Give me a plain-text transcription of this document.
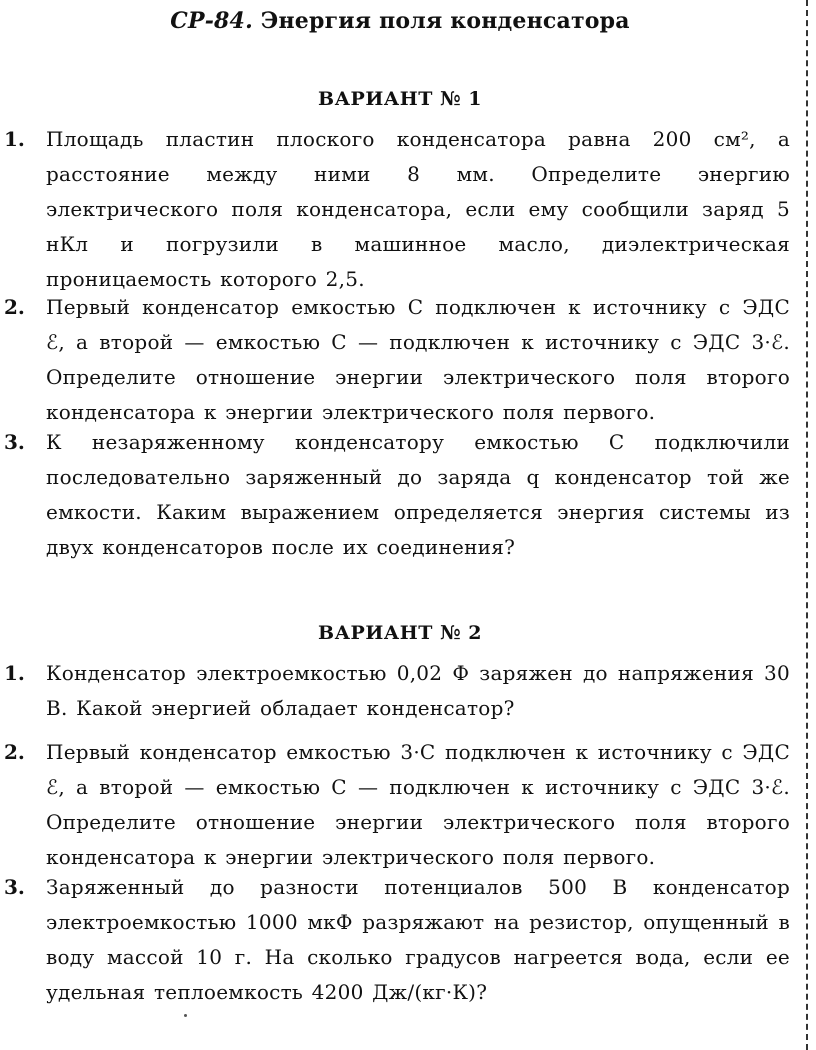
СР-84. Энергия поля конденсатора
ВАРИАНТ № 1
1. Площадь пластин плоского конденсатора равна 200 см², а расстояние между ними 8 мм. Определите энергию электрического поля конденсатора, если ему сообщили заряд 5 нКл и погрузили в машинное масло, диэлектрическая проницаемость которого 2,5.
2. Первый конденсатор емкостью C подключен к источнику с ЭДС ℰ, а второй — емкостью C — подключен к источнику с ЭДС 3·ℰ. Определите отношение энергии электрического поля второго конденсатора к энергии электрического поля первого.
3. К незаряженному конденсатору емкостью C подключили последовательно заряженный до заряда q конденсатор той же емкости. Каким выражением определяется энергия системы из двух конденсаторов после их соединения?
ВАРИАНТ № 2
1. Конденсатор электроемкостью 0,02 Ф заряжен до напряжения 30 В. Какой энергией обладает конденсатор?
2. Первый конденсатор емкостью 3·C подключен к источнику с ЭДС ℰ, а второй — емкостью C — подключен к источнику с ЭДС 3·ℰ. Определите отношение энергии электрического поля второго конденсатора к энергии электрического поля первого.
3. Заряженный до разности потенциалов 500 В конденсатор электроемкостью 1000 мкФ разряжают на резистор, опущенный в воду массой 10 г. На сколько градусов нагреется вода, если ее удельная теплоемкость 4200 Дж/(кг·К)?
